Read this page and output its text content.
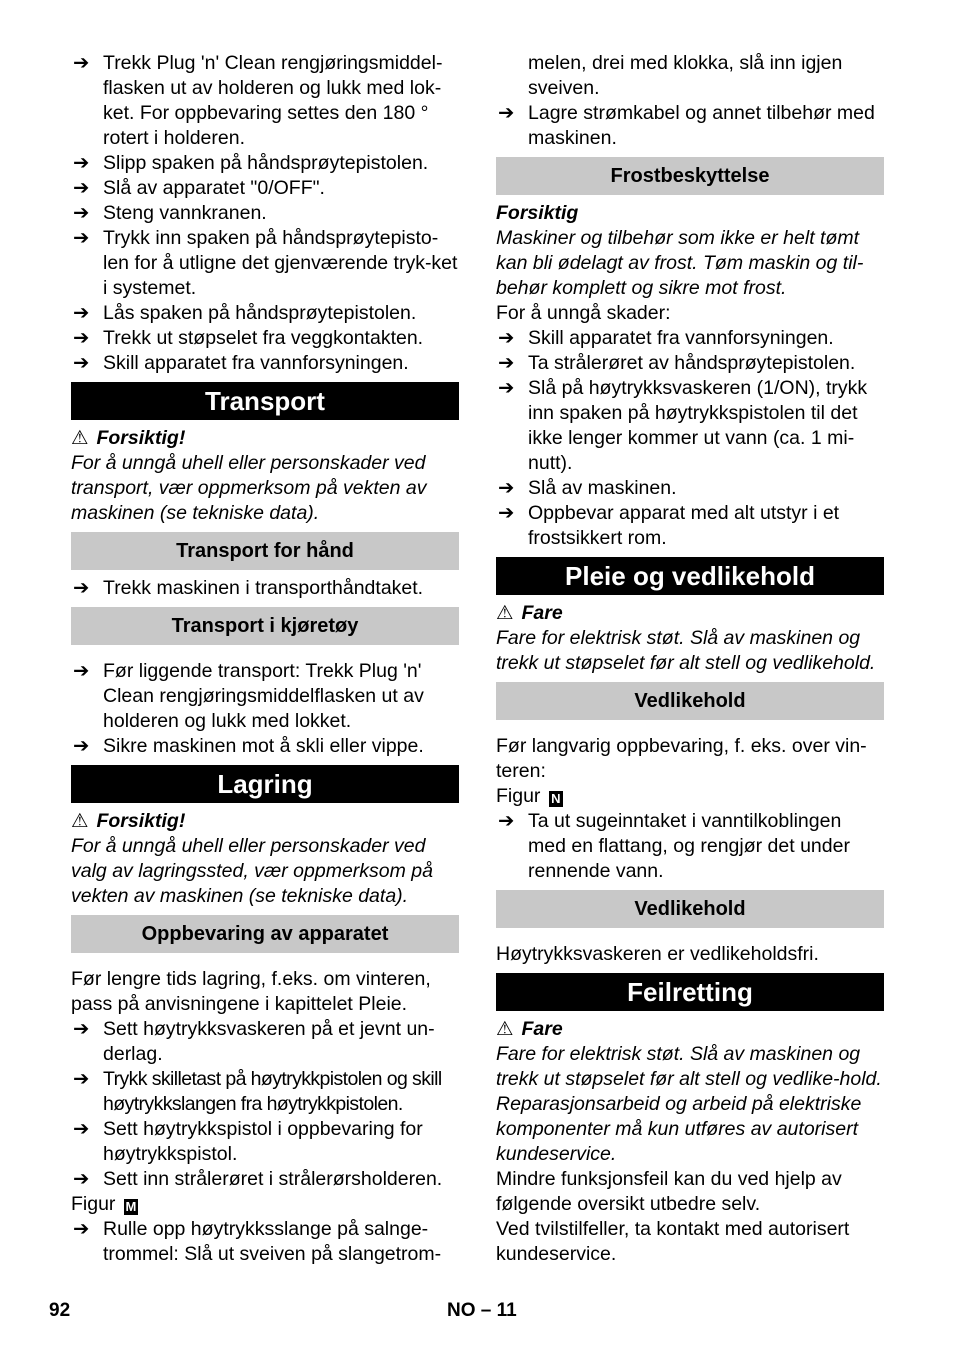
➔ Trekk Plug 'n' Clean rengjøringsmiddel-flasken ut av holderen og lukk med lok-ket. For oppbevaring settes den 180 ° rotert i holderen.
➔ Slipp spaken på håndsprøytepistolen.
➔ Slå av apparatet "0/OFF".
➔ Steng vannkranen.
➔ Trykk inn spaken på håndsprøytepisto-len for å utligne det gjenværende tryk-ket i systemet.
➔ Lås spaken på håndsprøytepistolen.
➔ Trekk ut støpselet fra veggkontakten.
➔ Skill apparatet fra vannforsyningen.
Transport
⚠ Forsiktig!
For å unngå uhell eller personskader ved transport, vær oppmerksom på vekten av maskinen (se tekniske data).
Transport for hånd
➔ Trekk maskinen i transporthåndtaket.
Transport i kjøretøy
➔ Før liggende transport: Trekk Plug 'n' Clean rengjøringsmiddelflasken ut av holderen og lukk med lokket.
➔ Sikre maskinen mot å skli eller vippe.
Lagring
⚠ Forsiktig!
For å unngå uhell eller personskader ved valg av lagringssted, vær oppmerksom på vekten av maskinen (se tekniske data).
Oppbevaring av apparatet
Før lengre tids lagring, f.eks. om vinteren, pass på anvisningene i kapittelet Pleie.
➔ Sett høytrykksvaskeren på et jevnt un-derlag.
➔ Trykk skilletast på høytrykkpistolen og skill høytrykkslangen fra høytrykkpistolen.
➔ Sett høytrykkspistol i oppbevaring for høytrykkspistol.
➔ Sett inn strålerøret i strålerørsholderen.
Figur M
➔ Rulle opp høytrykksslange på salnge-trommel: Slå ut sveiven på slangetrom-
melen, drei med klokka, slå inn igjen sveiven.
➔ Lagre strømkabel og annet tilbehør med maskinen.
Frostbeskyttelse
Forsiktig
Maskiner og tilbehør som ikke er helt tømt kan bli ødelagt av frost. Tøm maskin og til-behør komplett og sikre mot frost.
For å unngå skader:
➔ Skill apparatet fra vannforsyningen.
➔ Ta strålerøret av håndsprøytepistolen.
➔ Slå på høytrykksvaskeren (1/ON), trykk inn spaken på høytrykkspistolen til det ikke lenger kommer ut vann (ca. 1 mi-nutt).
➔ Slå av maskinen.
➔ Oppbevar apparat med alt utstyr i et frostsikkert rom.
Pleie og vedlikehold
⚠ Fare
Fare for elektrisk støt. Slå av maskinen og trekk ut støpselet før alt stell og vedlikehold.
Vedlikehold
Før langvarig oppbevaring, f. eks. over vin-teren:
Figur N
➔ Ta ut sugeinntaket i vanntilkoblingen med en flattang, og rengjør det under rennende vann.
Vedlikehold
Høytrykksvaskeren er vedlikeholdsfri.
Feilretting
⚠ Fare
Fare for elektrisk støt. Slå av maskinen og trekk ut støpselet før alt stell og vedlike-hold.
Reparasjonsarbeid og arbeid på elektriske komponenter må kun utføres av autorisert kundeservice.
Mindre funksjonsfeil kan du ved hjelp av følgende oversikt utbedre selv.
Ved tvilstilfeller, ta kontakt med autorisert kundeservice.
92	NO – 11
